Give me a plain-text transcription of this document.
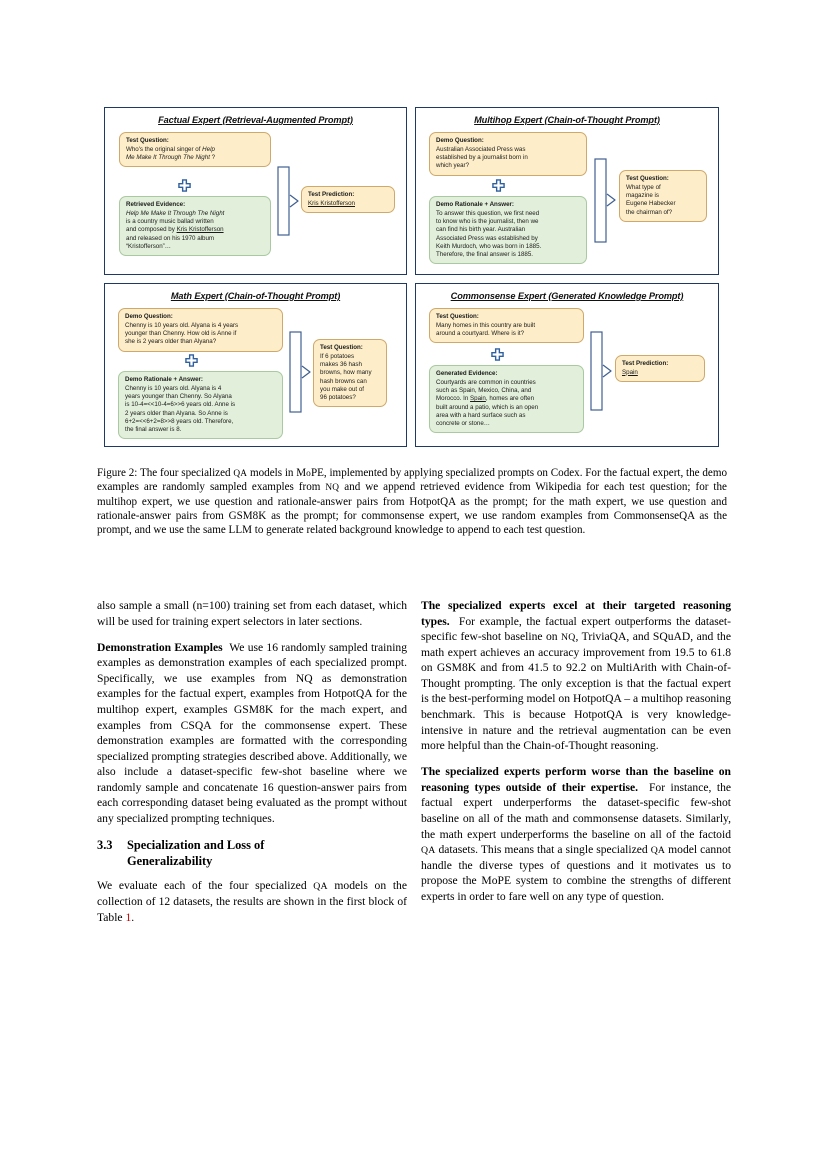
Factual Expert (Retrieval-Augmented Prompt)
Test Question:
Who's the original singer of Help
Me Make It Through The Night ?
Retrieved Evidence:
Help Me Make It Through The Night
is a country music ballad written
and composed by Kris Kristofferson
and released on his 1970 album
“Kristofferson”…
Test Prediction:
Kris Kristofferson
Multihop Expert (Chain-of-Thought Prompt)
Demo Question:
Australian Associated Press was
established by a journalist born in
which year?
Demo Rationale + Answer:
To answer this question, we first need
to know who is the journalist, then we
can find his birth year. Australian
Associated Press was established by
Keith Murdoch, who was born in 1885.
Therefore, the final answer is 1885.
Test Question:
What type of
magazine is
Eugene Habecker
the chairman of?
Math Expert (Chain-of-Thought Prompt)
Demo Question:
Chenny is 10 years old. Alyana is 4 years
younger than Chenny. How old is Anne if
she is 2 years older than Alyana?
Demo Rationale + Answer:
Chenny is 10 years old. Alyana is 4
years younger than Chenny. So Alyana
is 10-4=<<10-4=6>>6 years old. Anne is
2 years older than Alyana. So Anne is
6+2=<<6+2=8>>8 years old. Therefore,
the final answer is 8.
Test Question:
If 6 potatoes
makes 36 hash
browns, how many
hash browns can
you make out of
96 potatoes?
Commonsense Expert (Generated Knowledge Prompt)
Test Question:
Many homes in this country are built
around a courtyard. Where is it?
Generated Evidence:
Courtyards are common in countries
such as Spain, Mexico, China, and
Morocco. In Spain, homes are often
built around a patio, which is an open
area with a hard surface such as
concrete or stone…
Test Prediction:
Spain
Figure 2: The four specialized QA models in MoPE, implemented by applying specialized prompts on Codex. For the factual expert, the demo examples are randomly sampled examples from NQ and we append retrieved evidence from Wikipedia for each test question; for the multihop expert, we use question and rationale-answer pairs from HotpotQA as the prompt; for the math expert, we use question and rationale-answer pairs from GSM8K as the prompt; for commonsense expert, we use random examples from CommonsenseQA as the prompt, and we use the same LLM to generate related background knowledge to append to each test question.

also sample a small (n=100) training set from each dataset, which will be used for training expert selectors in later sections.

Demonstration Examples We use 16 randomly sampled training examples as demonstration examples of each specialized prompt. Specifically, we use examples from NQ as demonstration examples for the factual expert, examples from HotpotQA for the multihop expert, examples GSM8K for the mach expert, and examples from CSQA for the commonsense expert. These demonstration examples are formatted with the corresponding specialized prompting strategies described above. Additionally, we also include a dataset-specific few-shot baseline where we randomly sample and concatenate 16 question-answer pairs from each corresponding dataset being evaluated as the prompt without any specialized prompting techniques.

3.3	Specialization and Loss of
Generalizability

We evaluate each of the four specialized QA models on the collection of 12 datasets, the results are shown in the first block of Table 1.

The specialized experts excel at their targeted reasoning types. For example, the factual expert outperforms the dataset-specific few-shot baseline on NQ, TriviaQA, and SQuAD, and the math expert achieves an accuracy improvement from 19.5 to 61.8 on GSM8K and from 41.5 to 92.2 on MultiArith with Chain-of-Thought prompting. The only exception is that the factual expert is the best-performing model on HotpotQA – a multihop reasoning benchmark. This is because HotpotQA is very knowledge-intensive in nature and the retrieval augmentation can be even more helpful than the Chain-of-Thought reasoning.

The specialized experts perform worse than the baseline on reasoning types outside of their expertise. For instance, the factual expert underperforms the dataset-specific few-shot baseline on all of the math and commonsense datasets. Similarly, the math expert underperforms the baseline on all of the factoid QA datasets. This means that a single specialized QA model cannot handle the diverse types of questions and it motivates us to propose the MoPE system to combine the strengths of different experts in order to fare well on any type of question.
